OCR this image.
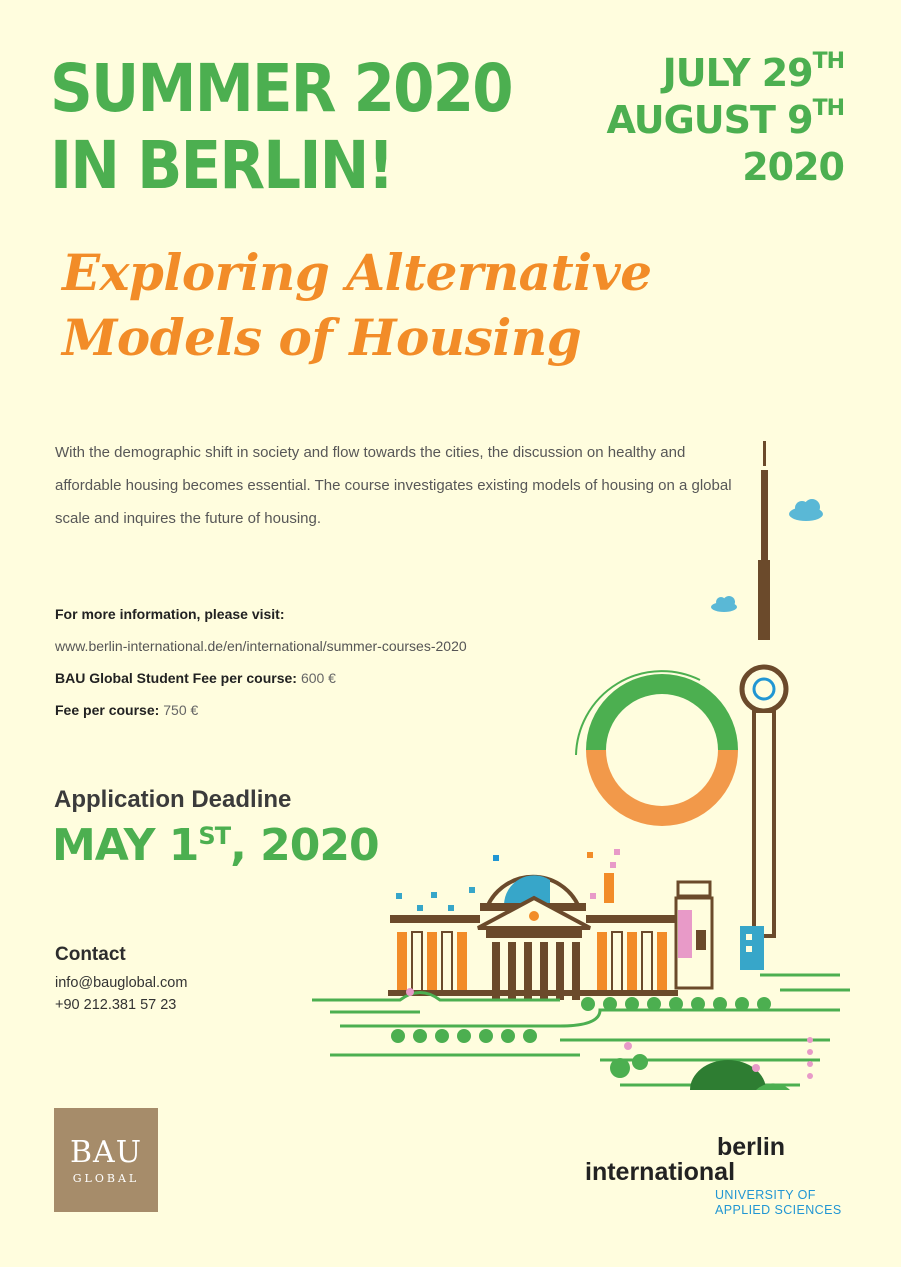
SUMMER 2020
IN BERLIN!
JULY 29TH
AUGUST 9TH
2020
Exploring Alternative
Models of Housing

With the demographic shift in society and flow towards the cities, the discussion on healthy and affordable housing becomes essential. The course investigates existing models of housing on a global scale and inquires the future of housing.

For more information, please visit:
www.berlin-international.de/en/international/summer-courses-2020
BAU Global Student Fee per course: 600 €
Fee per course: 750 €
Application Deadline
MAY 1ST, 2020
Contact
info@bauglobal.com
+90 212.381 57 23
BAU
GLOBAL
berlin
international
UNIVERSITY OF
APPLIED SCIENCES
